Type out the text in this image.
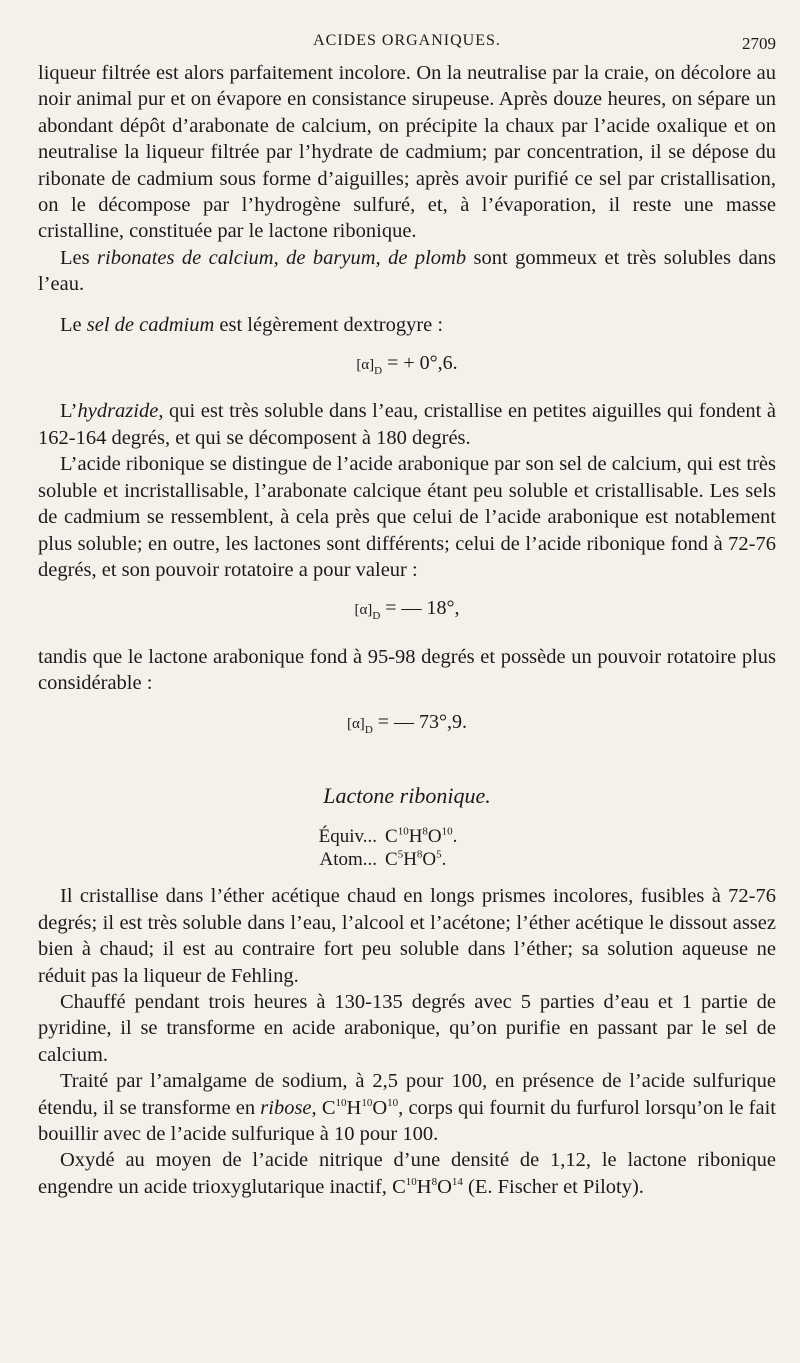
ACIDES ORGANIQUES.	2709

liqueur filtrée est alors parfaitement incolore. On la neutralise par la craie, on décolore au noir animal pur et on évapore en consistance sirupeuse. Après douze heures, on sépare un abondant dépôt d’arabonate de calcium, on précipite la chaux par l’acide oxalique et on neutralise la liqueur filtrée par l’hydrate de cadmium; par concentration, il se dépose du ribonate de cadmium sous forme d’aiguilles; après avoir purifié ce sel par cristallisation, on le décompose par l’hydrogène sulfuré, et, à l’évaporation, il reste une masse cristalline, constituée par le lactone ribonique.

Les ribonates de calcium, de baryum, de plomb sont gommeux et très solubles dans l’eau.

Le sel de cadmium est légèrement dextrogyre :

$[\alpha]_D$ = + 0°,6.

L’hydrazide, qui est très soluble dans l’eau, cristallise en petites aiguilles qui fondent à 162-164 degrés, et qui se décomposent à 180 degrés.

L’acide ribonique se distingue de l’acide arabonique par son sel de calcium, qui est très soluble et incristallisable, l’arabonate calcique étant peu soluble et cristallisable. Les sels de cadmium se ressemblent, à cela près que celui de l’acide arabonique est notablement plus soluble; en outre, les lactones sont différents; celui de l’acide ribonique fond à 72-76 degrés, et son pouvoir rotatoire a pour valeur :

$[\alpha]_D$ = — 18°,

tandis que le lactone arabonique fond à 95-98 degrés et possède un pouvoir rotatoire plus considérable :

$[\alpha]_D$ = — 73°,9.
Lactone ribonique.
Équiv... $C^{10}H^8O^{10}$.
Atom... $C^5H^8O^5$.

Il cristallise dans l’éther acétique chaud en longs prismes incolores, fusibles à 72-76 degrés; il est très soluble dans l’eau, l’alcool et l’acétone; l’éther acétique le dissout assez bien à chaud; il est au contraire fort peu soluble dans l’éther; sa solution aqueuse ne réduit pas la liqueur de Fehling.

Chauffé pendant trois heures à 130-135 degrés avec 5 parties d’eau et 1 partie de pyridine, il se transforme en acide arabonique, qu’on purifie en passant par le sel de calcium.

Traité par l’amalgame de sodium, à 2,5 pour 100, en présence de l’acide sulfurique étendu, il se transforme en ribose, $C^{10}H^{10}O^{10}$, corps qui fournit du furfurol lorsqu’on le fait bouillir avec de l’acide sulfurique à 10 pour 100.

Oxydé au moyen de l’acide nitrique d’une densité de 1,12, le lactone ribonique engendre un acide trioxyglutarique inactif, $C^{10}H^8O^{14}$ (E. Fischer et Piloty).
